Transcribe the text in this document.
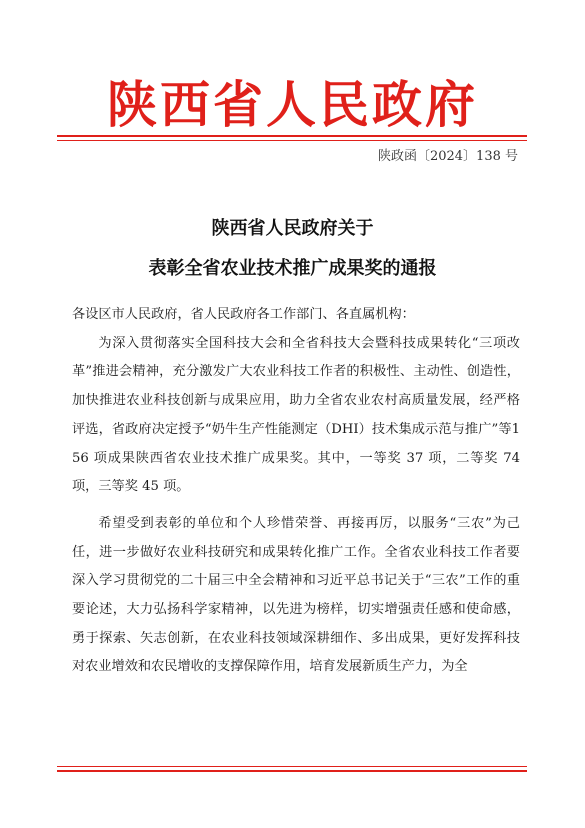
陕西省人民政府
陕政函〔2024〕138 号
陕西省人民政府关于
表彰全省农业技术推广成果奖的通报

各设区市人民政府，省人民政府各工作部门、各直属机构：

为深入贯彻落实全国科技大会和全省科技大会暨科技成果转化“三项改革”推进会精神，充分激发广大农业科技工作者的积极性、主动性、创造性，加快推进农业科技创新与成果应用，助力全省农业农村高质量发展，经严格评选，省政府决定授予“奶牛生产性能测定（DHI）技术集成示范与推广”等156 项成果陕西省农业技术推广成果奖。其中，一等奖 37 项，二等奖 74 项，三等奖 45 项。

希望受到表彰的单位和个人珍惜荣誉、再接再厉，以服务“三农”为己任，进一步做好农业科技研究和成果转化推广工作。全省农业科技工作者要深入学习贯彻党的二十届三中全会精神和习近平总书记关于“三农”工作的重要论述，大力弘扬科学家精神，以先进为榜样，切实增强责任感和使命感，勇于探索、矢志创新，在农业科技领域深耕细作、多出成果，更好发挥科技对农业增效和农民增收的支撑保障作用，培育发展新质生产力，为全
